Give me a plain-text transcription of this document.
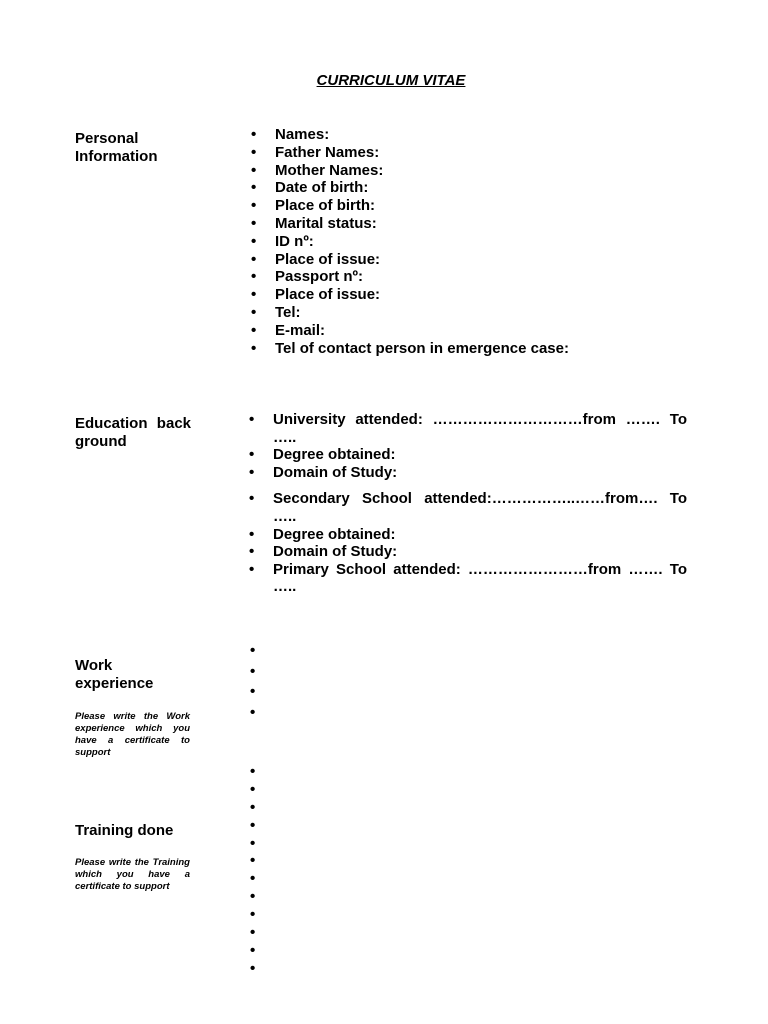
CURRICULUM VITAE
Personal Information
• Names:
• Father Names:
• Mother Names:
• Date of birth:
• Place of birth:
• Marital status:
• ID nº:
• Place of issue:
• Passport nº:
• Place of issue:
• Tel:
• E-mail:
• Tel of contact person in emergence case:
Education back ground
• University attended: …………………………from ……. To …..
• Degree obtained:
• Domain of Study:
• Secondary School attended:……………..……from…. To …..
• Degree obtained:
• Domain of Study:
• Primary School attended: ……………………from ……. To …..
Work experience
Please write the Work experience which you have a certificate to support
•
•
•
•
Training done
Please write the Training which you have a certificate to support
•
•
•
•
•
•
•
•
•
•
•
•
